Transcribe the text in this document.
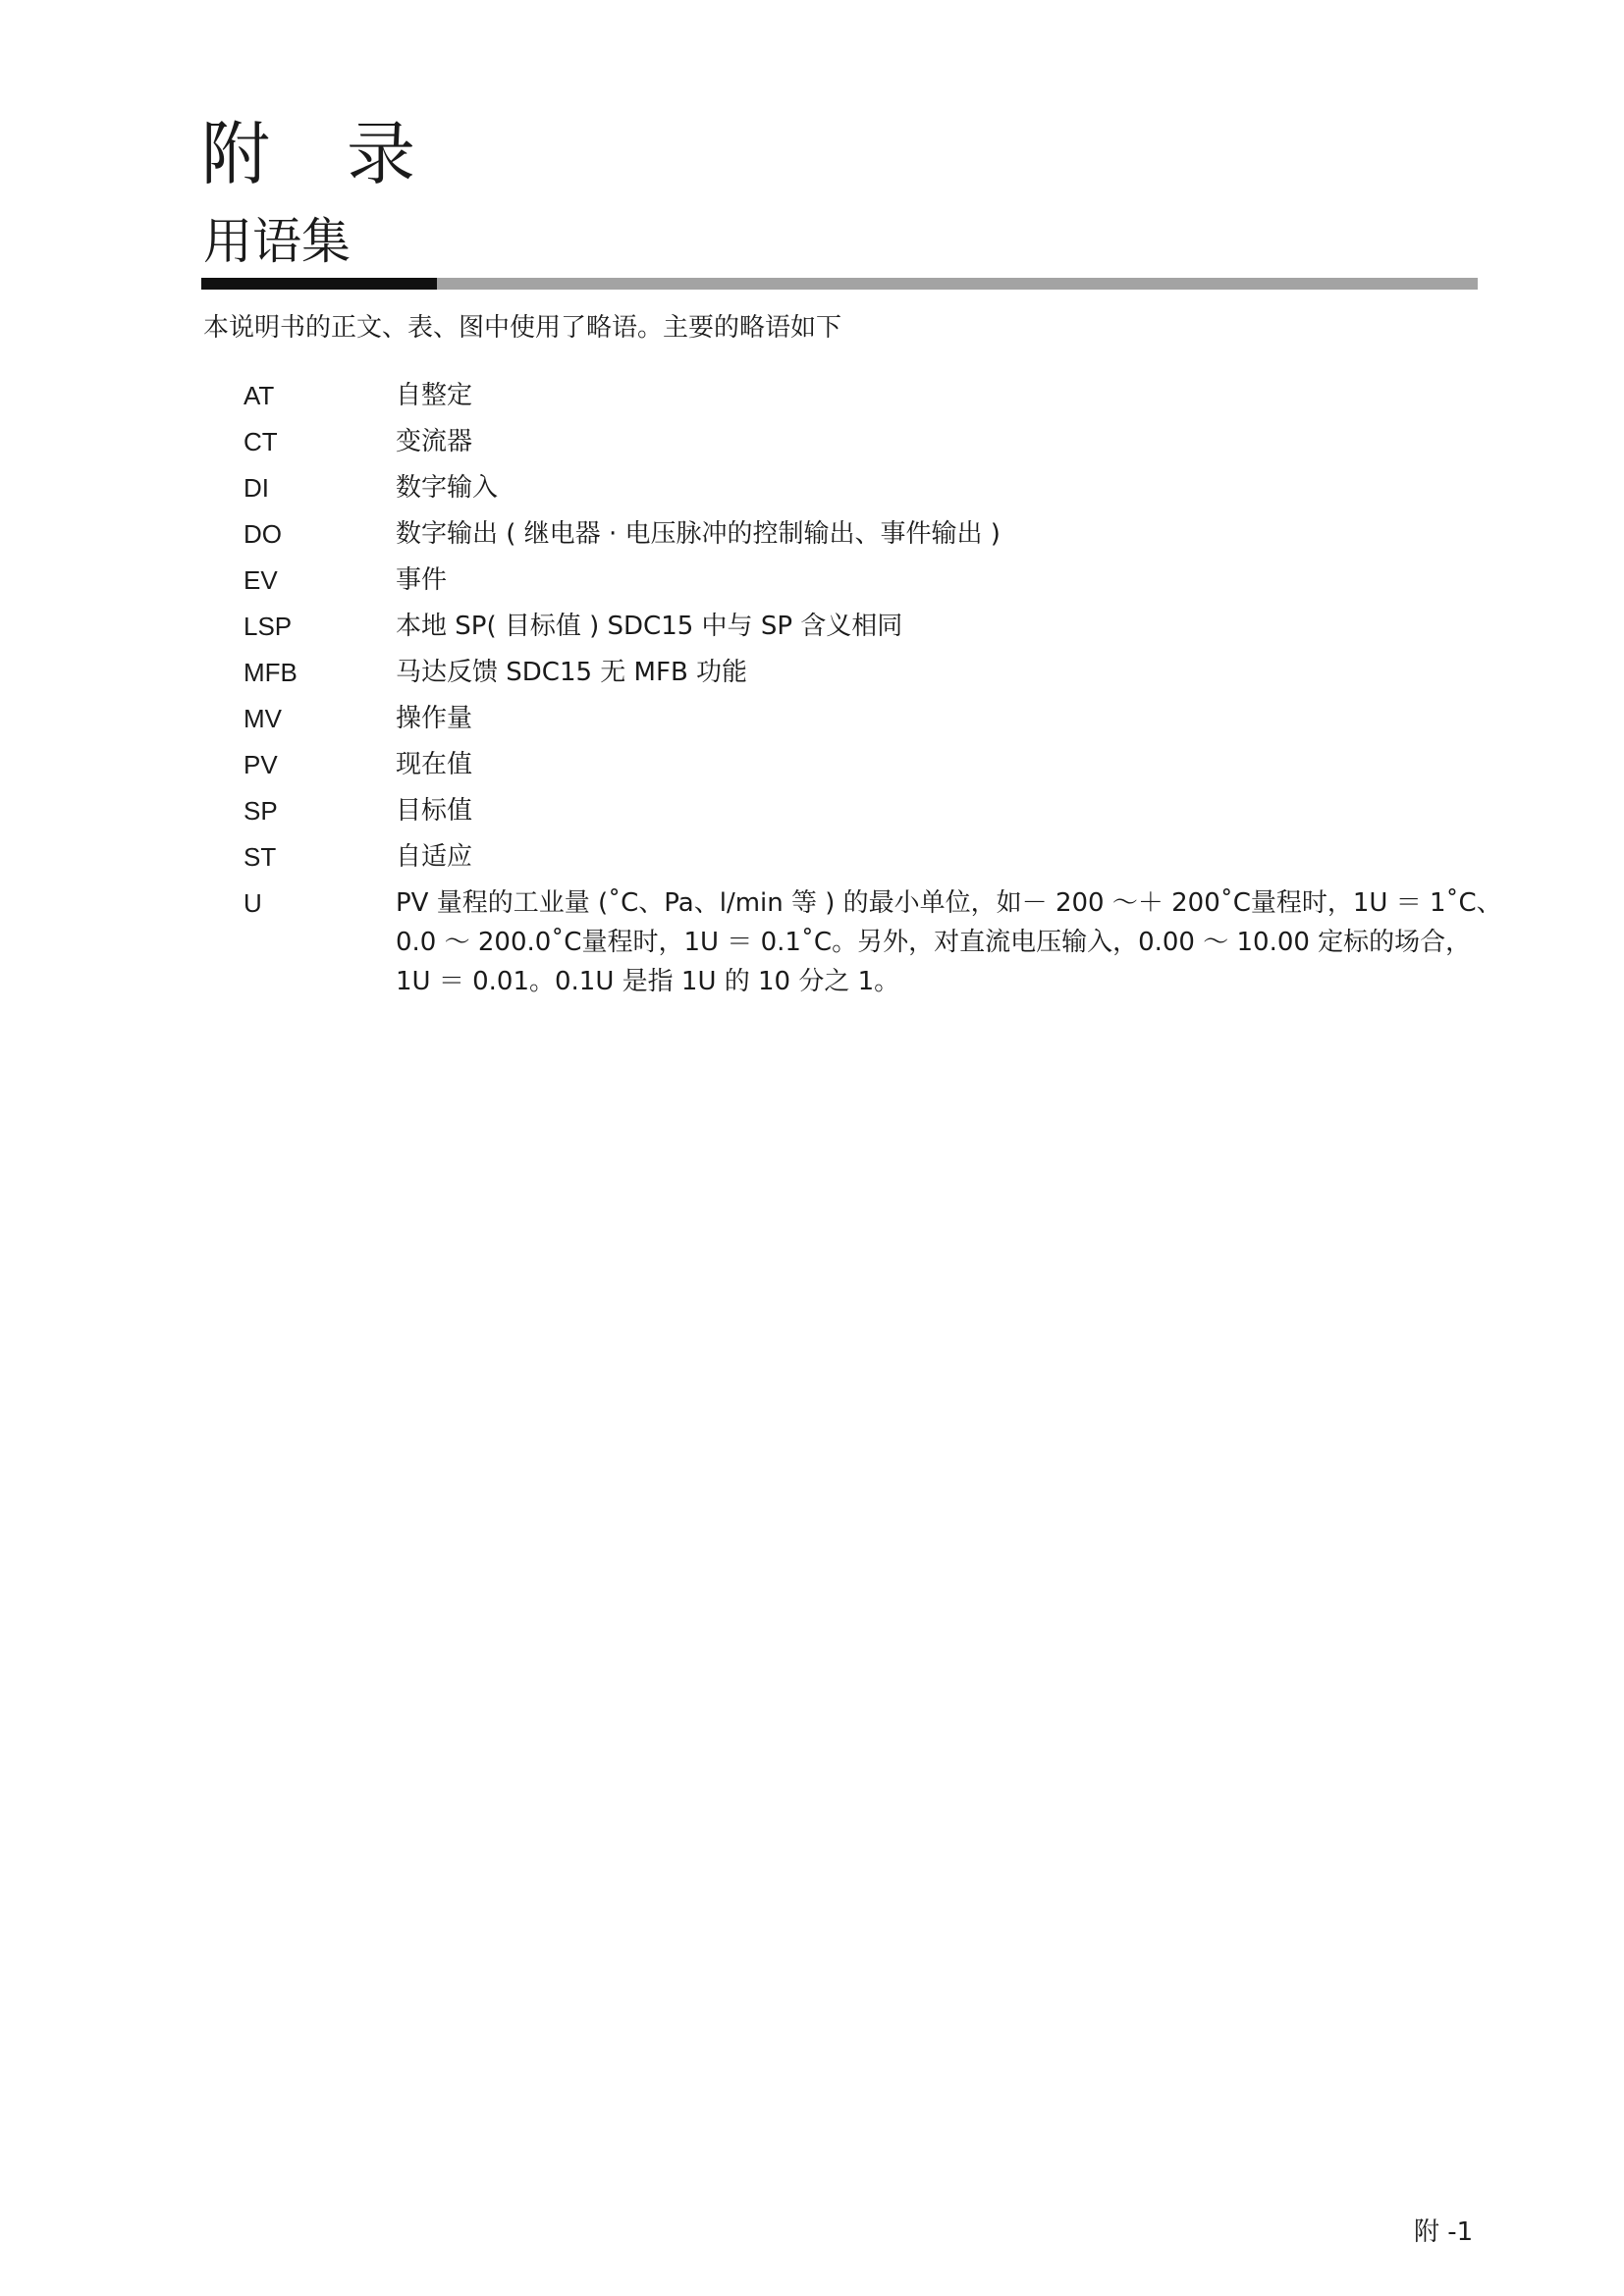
附　录
用语集

本说明书的正文、表、图中使用了略语。主要的略语如下

AT	自整定
CT	变流器
DI	数字输入
DO	数字输出 ( 继电器 · 电压脉冲的控制输出、事件输出 )
EV	事件
LSP	本地 SP( 目标值 ) SDC15 中与 SP 含义相同
MFB	马达反馈 SDC15 无 MFB 功能
MV	操作量
PV	现在值
SP	目标值
ST	自适应
U	PV 量程的工业量 (˚C、Pa、l/min 等 ) 的最小单位，如－ 200 ～＋ 200˚C量程时，1U ＝ 1˚C、
0.0 ～ 200.0˚C量程时，1U ＝ 0.1˚C。另外，对直流电压输入，0.00 ～ 10.00 定标的场合，
1U ＝ 0.01。0.1U 是指 1U 的 10 分之 1。
附 -1
